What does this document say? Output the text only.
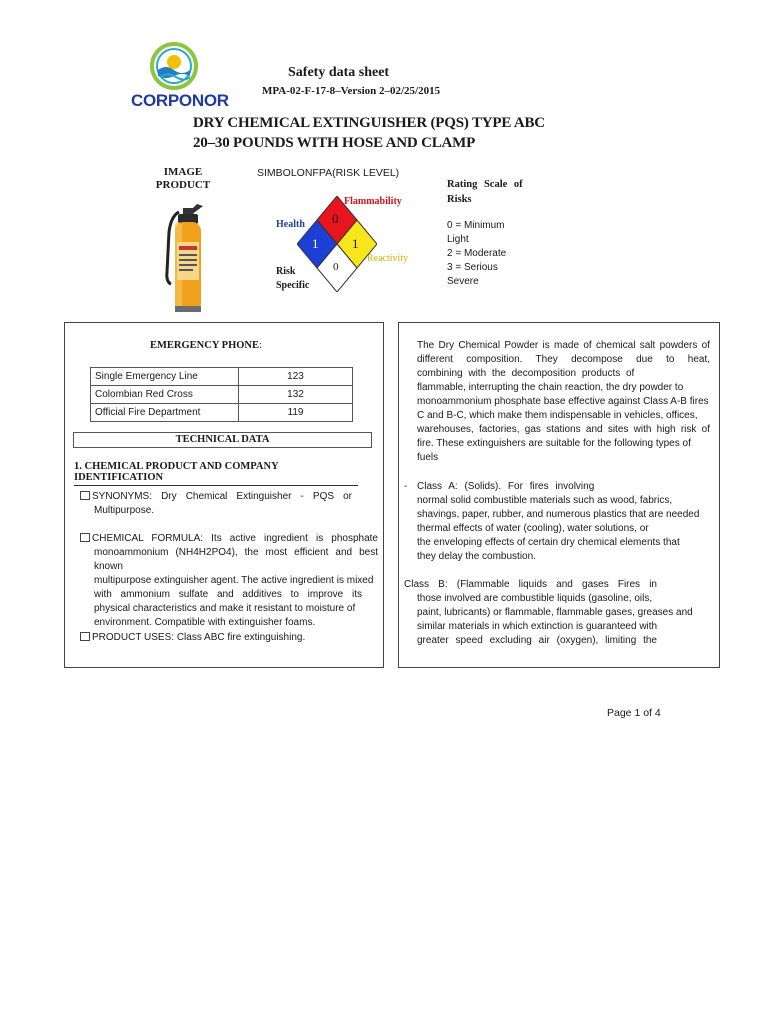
CORPONOR
Safety data sheet
MPA-02-F-17-8–Version 2–02/25/2015
DRY CHEMICAL EXTINGUISHER (PQS) TYPE ABC
20–30 POUNDS WITH HOSE AND CLAMP
IMAGE
PRODUCT
SIMBOLONFPA(RISK LEVEL)
Flammability
Health
Reactivity
Risk
Specific
0
1	1
0
Rating Scale of
Risks
0 = Minimum
Light
2 = Moderate
3 = Serious
Severe
EMERGENCY PHONE:
Single Emergency Line	123
Colombian Red Cross	132
Official Fire Department	119
TECHNICAL DATA
1. CHEMICAL PRODUCT AND COMPANY IDENTIFICATION
SYNONYMS: Dry Chemical Extinguisher - PQS or
Multipurpose.
CHEMICAL FORMULA: Its active ingredient is phosphate
monoammonium (NH4H2PO4), the most efficient and best known
multipurpose extinguisher agent. The active ingredient is mixed
with ammonium sulfate and additives to improve its
physical characteristics and make it resistant to moisture of
environment. Compatible with extinguisher foams.
PRODUCT USES: Class ABC fire extinguishing.
The Dry Chemical Powder is made of chemical salt powders of
different composition. They decompose due to heat,
combining with the decomposition products of
flammable, interrupting the chain reaction, the dry powder to
monoammonium phosphate base effective against Class A-B fires
C and B-C, which make them indispensable in vehicles, offices,
warehouses, factories, gas stations and sites with high risk of
fire. These extinguishers are suitable for the following types of
fuels
- Class A: (Solids). For fires involving
normal solid combustible materials such as wood, fabrics,
shavings, paper, rubber, and numerous plastics that are needed
thermal effects of water (cooling), water solutions, or
the enveloping effects of certain dry chemical elements that
they delay the combustion.
Class B: (Flammable liquids and gases Fires in
those involved are combustible liquids (gasoline, oils,
paint, lubricants) or flammable, flammable gases, greases and
similar materials in which extinction is guaranteed with
greater speed excluding air (oxygen), limiting the
Page 1 of 4
